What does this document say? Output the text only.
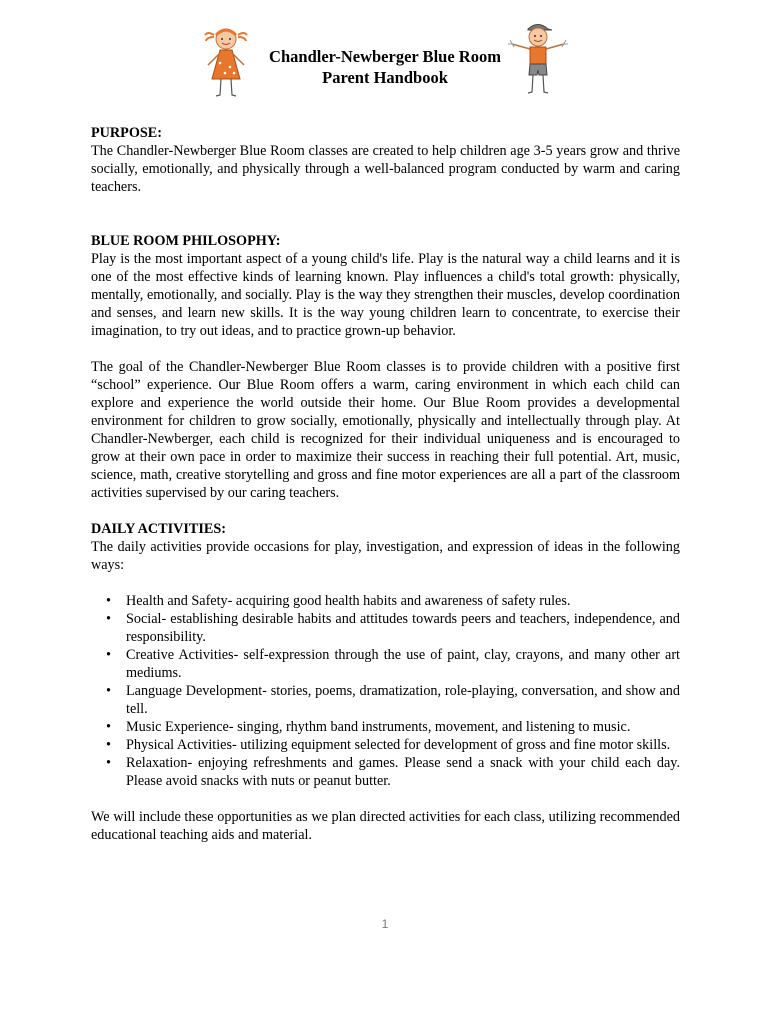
Chandler-Newberger Blue Room
Parent Handbook

PURPOSE:

The Chandler-Newberger Blue Room classes are created to help children age 3-5 years grow and thrive socially, emotionally, and physically through a well-balanced program conducted by warm and caring teachers.

BLUE ROOM PHILOSOPHY:

Play is the most important aspect of a young child's life. Play is the natural way a child learns and it is one of the most effective kinds of learning known. Play influences a child's total growth: physically, mentally, emotionally, and socially. Play is the way they strengthen their muscles, develop coordination and senses, and learn new skills. It is the way young children learn to concentrate, to exercise their imagination, to try out ideas, and to practice grown-up behavior.

The goal of the Chandler-Newberger Blue Room classes is to provide children with a positive first “school” experience. Our Blue Room offers a warm, caring environment in which each child can explore and experience the world outside their home. Our Blue Room provides a developmental environment for children to grow socially, emotionally, physically and intellectually through play. At Chandler-Newberger, each child is recognized for their individual uniqueness and is encouraged to grow at their own pace in order to maximize their success in reaching their full potential. Art, music, science, math, creative storytelling and gross and fine motor experiences are all a part of the classroom activities supervised by our caring teachers.

DAILY ACTIVITIES:

The daily activities provide occasions for play, investigation, and expression of ideas in the following ways:

• Health and Safety- acquiring good health habits and awareness of safety rules.
• Social- establishing desirable habits and attitudes towards peers and teachers, independence, and responsibility.
• Creative Activities- self-expression through the use of paint, clay, crayons, and many other art mediums.
• Language Development- stories, poems, dramatization, role-playing, conversation, and show and tell.
• Music Experience- singing, rhythm band instruments, movement, and listening to music.
• Physical Activities- utilizing equipment selected for development of gross and fine motor skills.
• Relaxation- enjoying refreshments and games. Please send a snack with your child each day. Please avoid snacks with nuts or peanut butter.

We will include these opportunities as we plan directed activities for each class, utilizing recommended educational teaching aids and material.

1
